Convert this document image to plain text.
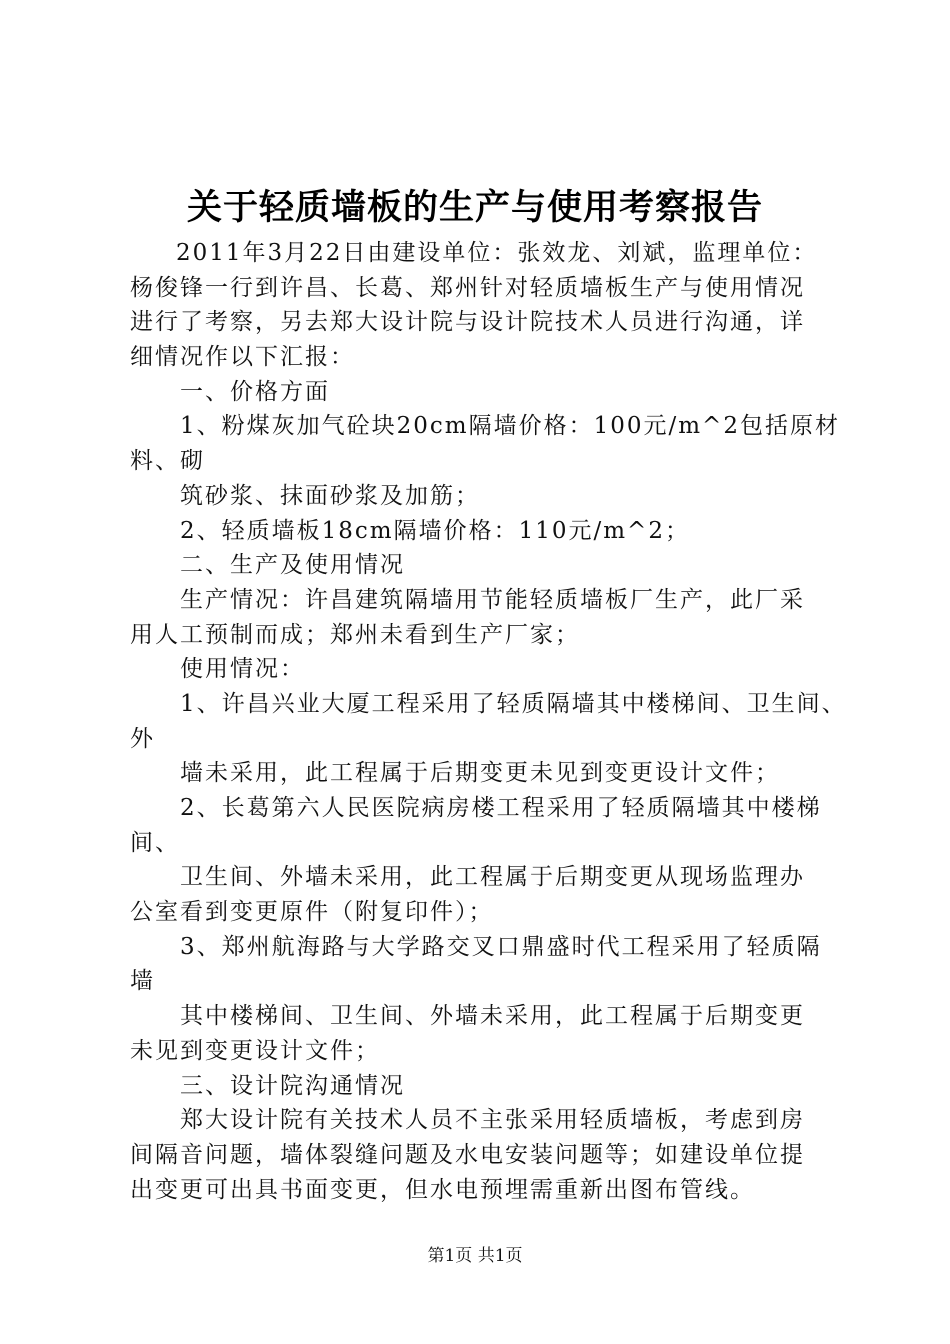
关于轻质墙板的生产与使用考察报告
2011年3月22日由建设单位：张效龙、刘斌，监理单位：
杨俊锋一行到许昌、长葛、郑州针对轻质墙板生产与使用情况
进行了考察，另去郑大设计院与设计院技术人员进行沟通，详
细情况作以下汇报：
一、价格方面
1、粉煤灰加气砼块20cm隔墙价格：100元/m^2包括原材
料、砌
筑砂浆、抹面砂浆及加筋；
2、轻质墙板18cm隔墙价格：110元/m^2；
二、生产及使用情况
生产情况：许昌建筑隔墙用节能轻质墙板厂生产，此厂采
用人工预制而成；郑州未看到生产厂家；
使用情况：
1、许昌兴业大厦工程采用了轻质隔墙其中楼梯间、卫生间、
外
墙未采用，此工程属于后期变更未见到变更设计文件；
2、长葛第六人民医院病房楼工程采用了轻质隔墙其中楼梯
间、
卫生间、外墙未采用，此工程属于后期变更从现场监理办
公室看到变更原件（附复印件）；
3、郑州航海路与大学路交叉口鼎盛时代工程采用了轻质隔
墙
其中楼梯间、卫生间、外墙未采用，此工程属于后期变更
未见到变更设计文件；
三、设计院沟通情况
郑大设计院有关技术人员不主张采用轻质墙板，考虑到房
间隔音问题，墙体裂缝问题及水电安装问题等；如建设单位提
出变更可出具书面变更，但水电预埋需重新出图布管线。
第1页 共1页
